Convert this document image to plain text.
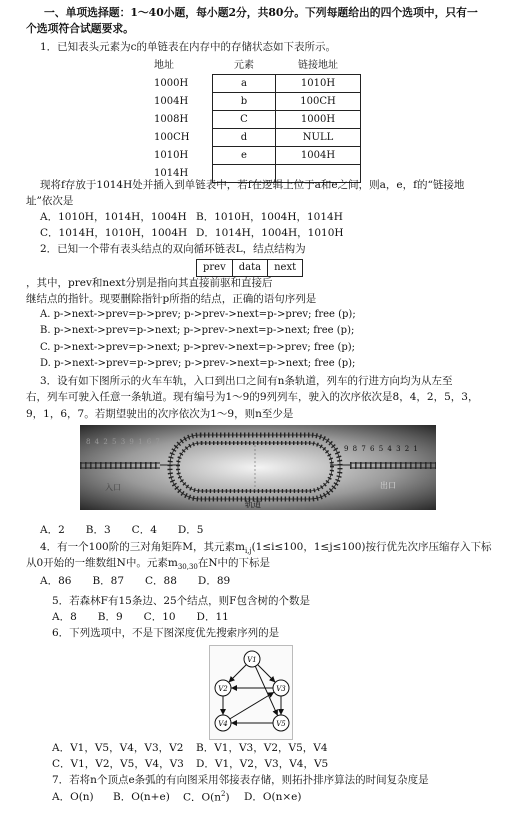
一、单项选择题：1～40小题，每小题2分，共80分。下列每题给出的四个选项中，只有一
个选项符合试题要求。
1．已知表头元素为c的单链表在内存中的存储状态如下表所示。
地址	元素	链接地址
1000H	a	1010H
1004H	b	100CH
1008H	C	1000H
100CH	d	NULL
1010H	e	1004H
1014H		
现将f存放于1014H处并插入到单链表中，若f在逻辑上位于a和e之间，则a，e，f的“链接地
址”依次是
A．1010H，1014H，1004H B．1010H，1004H，1014H
C．1014H，1010H，1004H D．1014H，1004H，1010H
2．已知一个带有表头结点的双向循环链表L，结点结构为
prev	data	next
，其中，prev和next分别是指向其直接前驱和直接后
继结点的指针。现要删除指针p所指的结点，正确的语句序列是
A. p->next->prev=p->prev; p->prev->next=p->prev; free (p);
B. p->next->prev=p->next; p->prev->next=p->next; free (p);
C. p->next->prev=p->next; p->prev->next=p->prev; free (p);
D. p->next->prev=p->prev; p->prev->next=p->next; free (p);
3．设有如下图所示的火车车轨，入口到出口之间有n条轨道，列车的行进方向均为从左至
右，列车可驶入任意一条轨道。现有编号为1～9的9列列车，驶入的次序依次是8，4，2，5，3，
9，1，6，7。若期望驶出的次序依次为1～9，则n至少是
8 4 2 5 3 9 1 6 7
9 8 7 6 5 4 3 2 1
入口	出口
轨道
A．2　　B．3　　C．4　　D．5
4．有一个100阶的三对角矩阵M，其元素$m_{i,j}(1\le i\le 100$，1≤j≤100)按行优先次序压缩存入下标
从0开始的一维数组N中。元素$m_{30,30}$在N中的下标是
A．86　　B．87　　C．88　　D．89
5．若森林F有15条边、25个结点，则F包含树的个数是
A．8　　B．9　　C．10　　D．11
6．下列选项中，不是下图深度优先搜索序列的是
V1
V2	V3
V4	V5
A．V1，V5，V4，V3，V2 B．V1，V3，V2，V5，V4
C．V1，V2，V5，V4，V3 D．V1，V2，V3，V4，V5
7．若将n个顶点e条弧的有向图采用邻接表存储，则拓扑排序算法的时间复杂度是
A．O(n) B．O(n+e) C．$O(n^2)$ D．O(n×e)
